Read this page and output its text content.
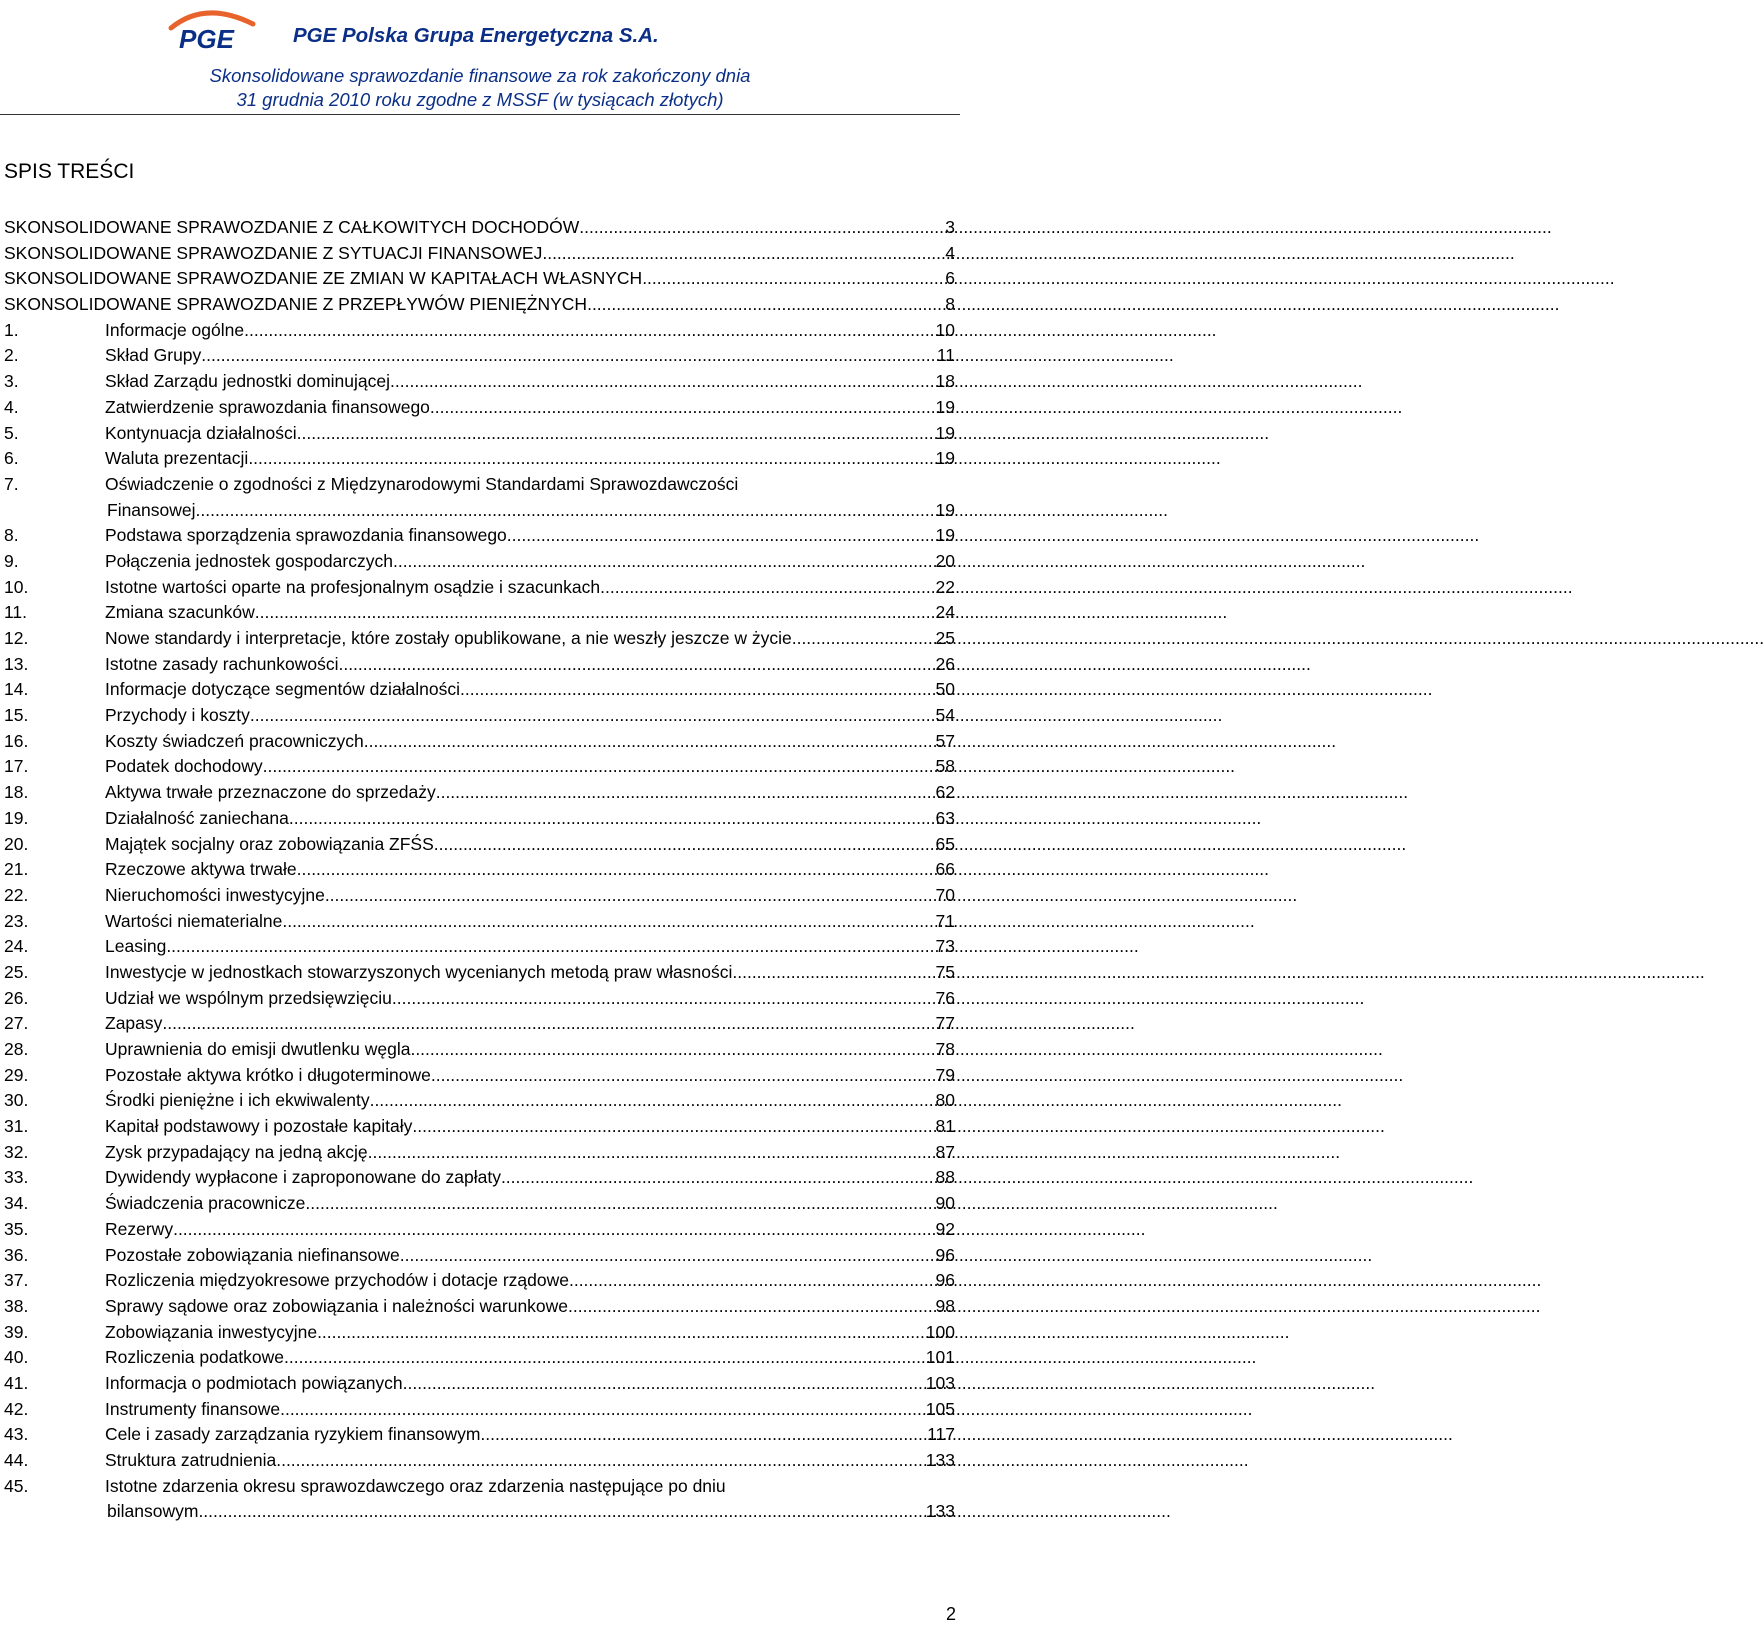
PGE	PGE Polska Grupa Energetyczna S.A.
Skonsolidowane sprawozdanie finansowe za rok zakończony dnia
31 grudnia 2010 roku zgodne z MSSF (w tysiącach złotych)
SPIS TREŚCI
SKONSOLIDOWANE SPRAWOZDANIE Z CAŁKOWITYCH DOCHODÓW .....	3
SKONSOLIDOWANE SPRAWOZDANIE Z SYTUACJI FINANSOWEJ .....	4
SKONSOLIDOWANE SPRAWOZDANIE ZE ZMIAN W KAPITAŁACH WŁASNYCH .....	6
SKONSOLIDOWANE SPRAWOZDANIE Z PRZEPŁYWÓW PIENIĘŻNYCH .....	8
1.	Informacje ogólne .....	10
2.	Skład Grupy .....	11
3.	Skład Zarządu jednostki dominującej .....	18
4.	Zatwierdzenie sprawozdania finansowego .....	19
5.	Kontynuacja działalności .....	19
6.	Waluta prezentacji .....	19
7.	Oświadczenie o zgodności z Międzynarodowymi Standardami Sprawozdawczości
Finansowej .....	19
8.	Podstawa sporządzenia sprawozdania finansowego .....	19
9.	Połączenia jednostek gospodarczych .....	20
10.	Istotne wartości oparte na profesjonalnym osądzie i szacunkach .....	22
11.	Zmiana szacunków .....	24
12.	Nowe standardy i interpretacje, które zostały opublikowane, a nie weszły jeszcze w życie .....	25
13.	Istotne zasady rachunkowości .....	26
14.	Informacje dotyczące segmentów działalności .....	50
15.	Przychody i koszty .....	54
16.	Koszty świadczeń pracowniczych .....	57
17.	Podatek dochodowy .....	58
18.	Aktywa trwałe przeznaczone do sprzedaży .....	62
19.	Działalność zaniechana .....	63
20.	Majątek socjalny oraz zobowiązania ZFŚS .....	65
21.	Rzeczowe aktywa trwałe .....	66
22.	Nieruchomości inwestycyjne .....	70
23.	Wartości niematerialne .....	71
24.	Leasing .....	73
25.	Inwestycje w jednostkach stowarzyszonych wycenianych metodą praw własności .....	75
26.	Udział we wspólnym przedsięwzięciu .....	76
27.	Zapasy .....	77
28.	Uprawnienia do emisji dwutlenku węgla .....	78
29.	Pozostałe aktywa krótko i długoterminowe .....	79
30.	Środki pieniężne i ich ekwiwalenty .....	80
31.	Kapitał podstawowy i pozostałe kapitały .....	81
32.	Zysk przypadający na jedną akcję .....	87
33.	Dywidendy wypłacone i zaproponowane do zapłaty .....	88
34.	Świadczenia pracownicze .....	90
35.	Rezerwy .....	92
36.	Pozostałe zobowiązania niefinansowe .....	96
37.	Rozliczenia międzyokresowe przychodów i dotacje rządowe .....	96
38.	Sprawy sądowe oraz zobowiązania i należności warunkowe .....	98
39.	Zobowiązania inwestycyjne .....	100
40.	Rozliczenia podatkowe .....	101
41.	Informacja o podmiotach powiązanych .....	103
42.	Instrumenty finansowe .....	105
43.	Cele i zasady zarządzania ryzykiem finansowym .....	117
44.	Struktura zatrudnienia .....	133
45.	Istotne zdarzenia okresu sprawozdawczego oraz zdarzenia następujące po dniu
bilansowym .....	133
2
